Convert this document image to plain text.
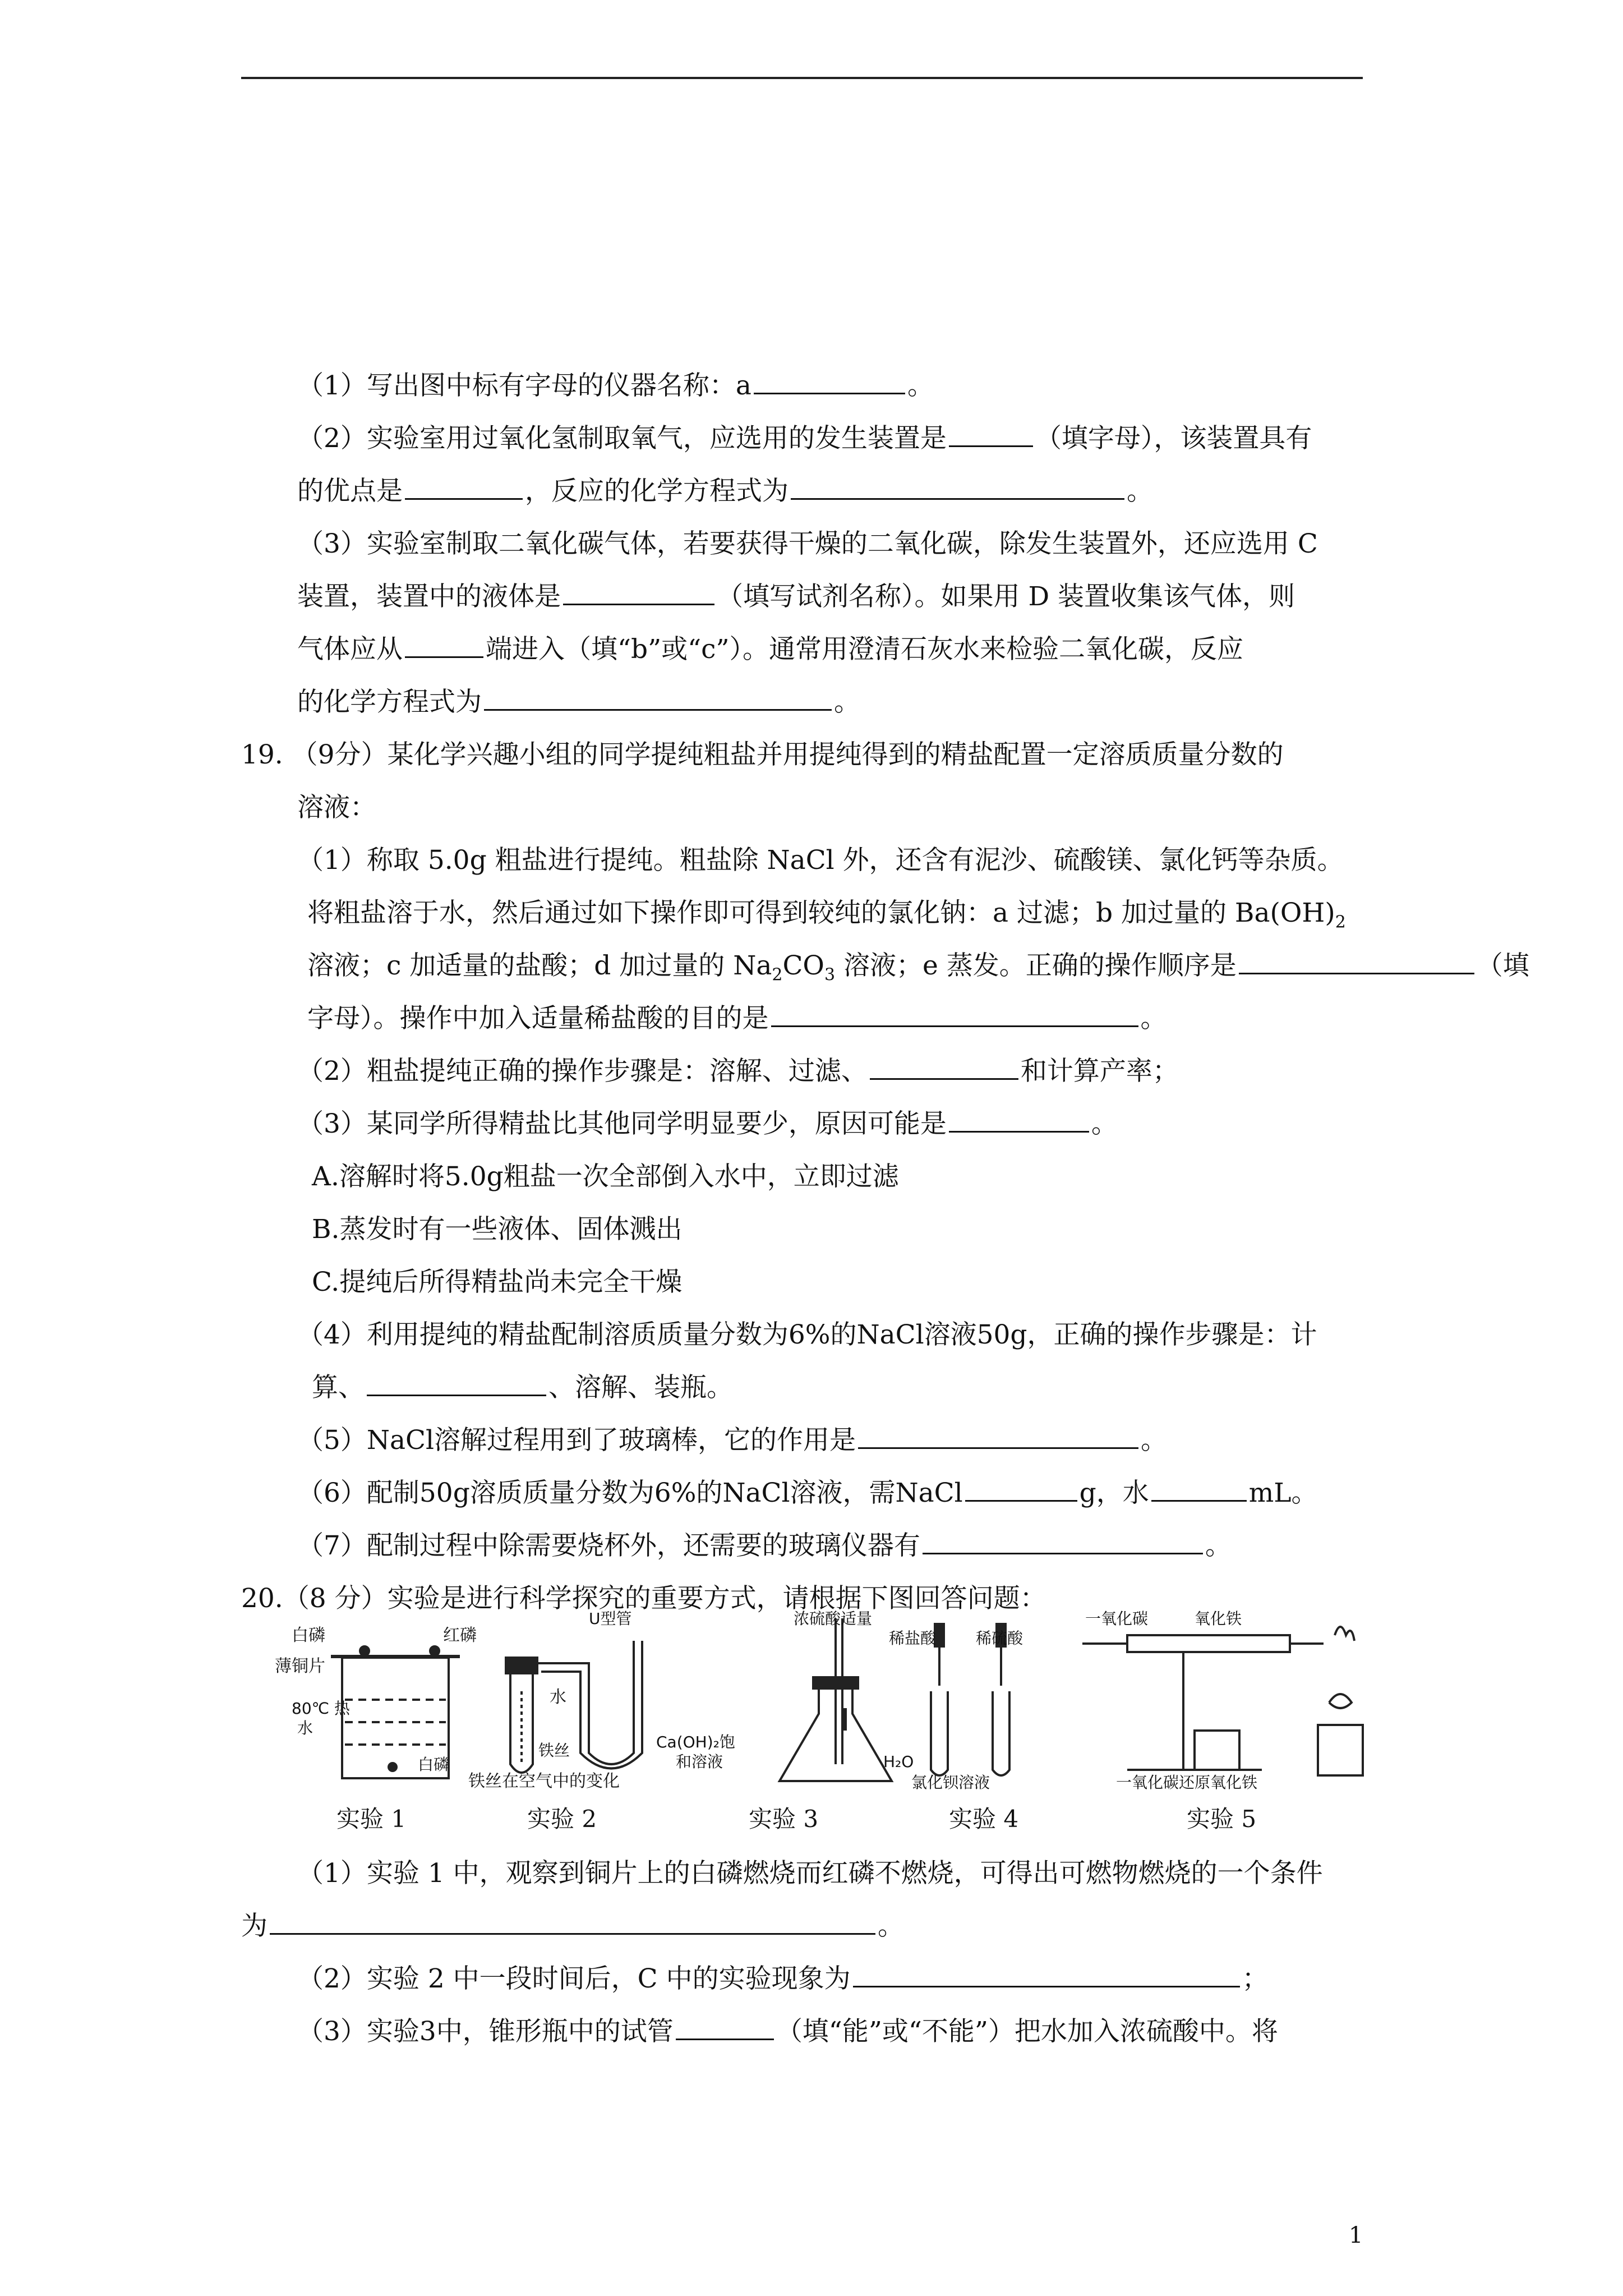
（1）写出图中标有字母的仪器名称：a	。
（2）实验室用过氧化氢制取氧气，应选用的发生装置是	（填字母），该装置具有
的优点是	，反应的化学方程式为	。
（3）实验室制取二氧化碳气体，若要获得干燥的二氧化碳，除发生装置外，还应选用 C
装置，装置中的液体是	（填写试剂名称）。如果用 D 装置收集该气体，则
气体应从	端进入（填“b”或“c”）。通常用澄清石灰水来检验二氧化碳，反应
的化学方程式为	。
19. （9分）某化学兴趣小组的同学提纯粗盐并用提纯得到的精盐配置一定溶质质量分数的
溶液：
（1）称取 5.0g 粗盐进行提纯。粗盐除 NaCl 外，还含有泥沙、硫酸镁、氯化钙等杂质。
将粗盐溶于水，然后通过如下操作即可得到较纯的氯化钠：a 过滤；b 加过量的 $Ba(OH)_2$
溶液；c 加适量的盐酸；d 加过量的 $Na_2CO_3$ 溶液；e 蒸发。正确的操作顺序是	（填
字母）。操作中加入适量稀盐酸的目的是	。
（2）粗盐提纯正确的操作步骤是：溶解、过滤、	和计算产率；
（3）某同学所得精盐比其他同学明显要少，原因可能是	。
A.溶解时将5.0g粗盐一次全部倒入水中，立即过滤
B.蒸发时有一些液体、固体溅出
C.提纯后所得精盐尚未完全干燥
（4）利用提纯的精盐配制溶质质量分数为6%的NaCl溶液50g，正确的操作步骤是：计
算、	、溶解、装瓶。
（5）NaCl溶解过程用到了玻璃棒，它的作用是	。
（6）配制50g溶质质量分数为6%的NaCl溶液，需NaCl	g，水	mL。
（7）配制过程中除需要烧杯外，还需要的玻璃仪器有	。
20.（8 分）实验是进行科学探究的重要方式，请根据下图回答问题：
白磷	红磷
薄铜片
80℃ 热
水
白磷
U型管
水
铁丝
铁丝在空气中的变化
浓硫酸适量
Ca(OH)₂饱
和溶液	H₂O
稀盐酸	稀硫酸
氯化钡溶液
一氧化碳	氧化铁
一氧化碳还原氧化铁
实验 1	实验 2	实验 3	实验 4	实验 5
（1）实验 1 中，观察到铜片上的白磷燃烧而红磷不燃烧，可得出可燃物燃烧的一个条件
为	。
（2）实验 2 中一段时间后，C 中的实验现象为	；
（3）实验3中，锥形瓶中的试管	（填“能”或“不能”）把水加入浓硫酸中。将
1
